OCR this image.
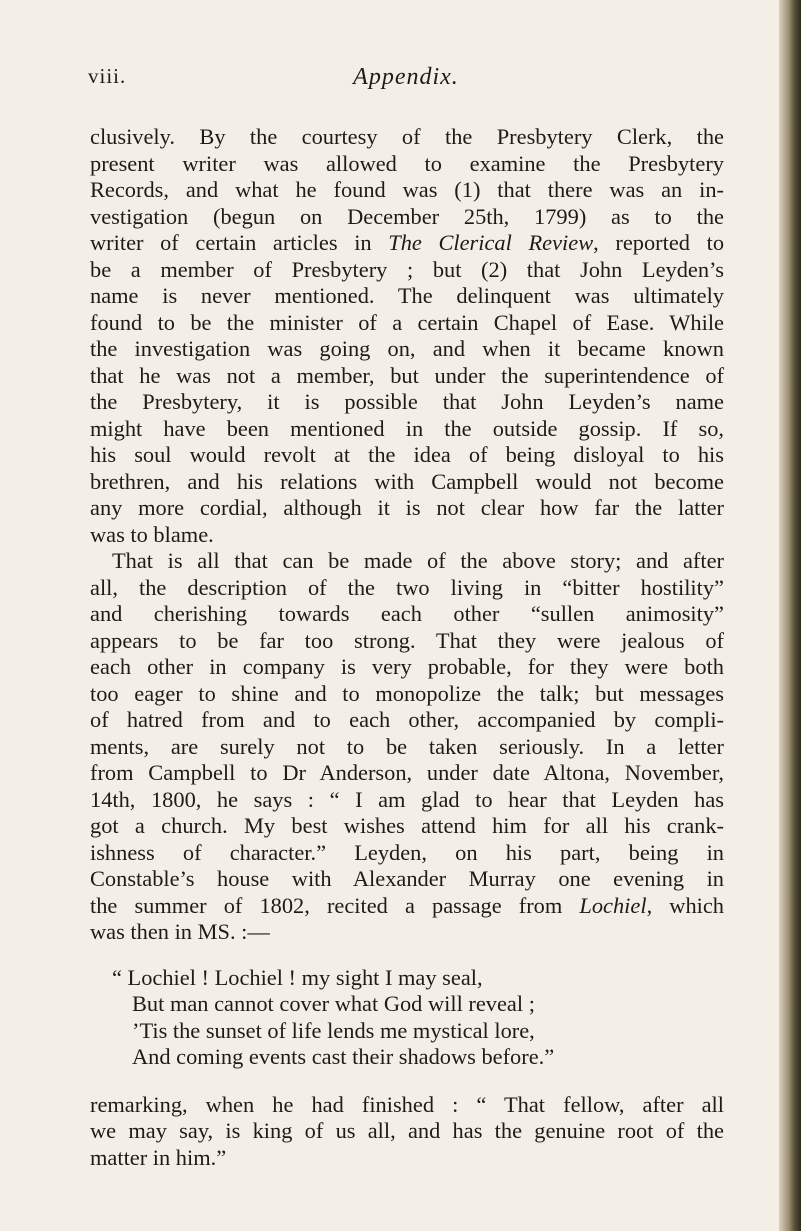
viii.	Appendix.
clusively. By the courtesy of the Presbytery Clerk, the
present writer was allowed to examine the Presbytery
Records, and what he found was (1) that there was an in-
vestigation (begun on December 25th, 1799) as to the
writer of certain articles in The Clerical Review, reported to
be a member of Presbytery ; but (2) that John Leyden’s
name is never mentioned. The delinquent was ultimately
found to be the minister of a certain Chapel of Ease. While
the investigation was going on, and when it became known
that he was not a member, but under the superintendence of
the Presbytery, it is possible that John Leyden’s name
might have been mentioned in the outside gossip. If so,
his soul would revolt at the idea of being disloyal to his
brethren, and his relations with Campbell would not become
any more cordial, although it is not clear how far the latter
was to blame.
That is all that can be made of the above story; and after
all, the description of the two living in “bitter hostility”
and cherishing towards each other “sullen animosity”
appears to be far too strong. That they were jealous of
each other in company is very probable, for they were both
too eager to shine and to monopolize the talk; but messages
of hatred from and to each other, accompanied by compli-
ments, are surely not to be taken seriously. In a letter
from Campbell to Dr Anderson, under date Altona, November,
14th, 1800, he says : “ I am glad to hear that Leyden has
got a church. My best wishes attend him for all his crank-
ishness of character.” Leyden, on his part, being in
Constable’s house with Alexander Murray one evening in
the summer of 1802, recited a passage from Lochiel, which
was then in MS. :—
“ Lochiel ! Lochiel ! my sight I may seal,
But man cannot cover what God will reveal ;
’Tis the sunset of life lends me mystical lore,
And coming events cast their shadows before.”
remarking, when he had finished : “ That fellow, after all
we may say, is king of us all, and has the genuine root of the
matter in him.”
